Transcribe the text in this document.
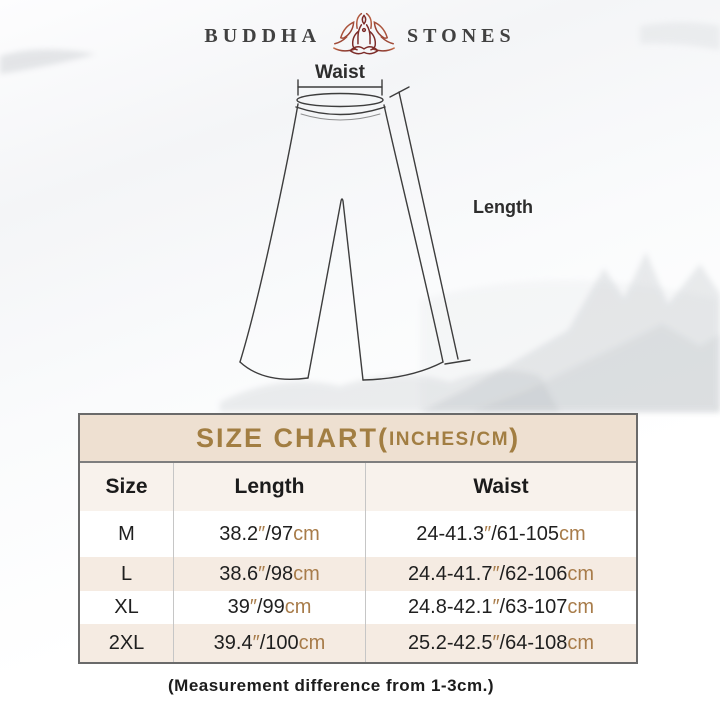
BUDDHA	STONES
Waist
Length
SIZE CHART( INCHES/CM )
Size	Length	Waist
M	38.2 ″ /97 cm	24-41.3 ″ /61-105 cm
L	38.6 ″ /98 cm	24.4-41.7 ″ /62-106 cm
XL	39 ″ /99 cm	24.8-42.1 ″ /63-107 cm
2XL	39.4 ″ /100 cm	25.2-42.5 ″ /64-108 cm
(Measurement difference from 1-3cm.)
